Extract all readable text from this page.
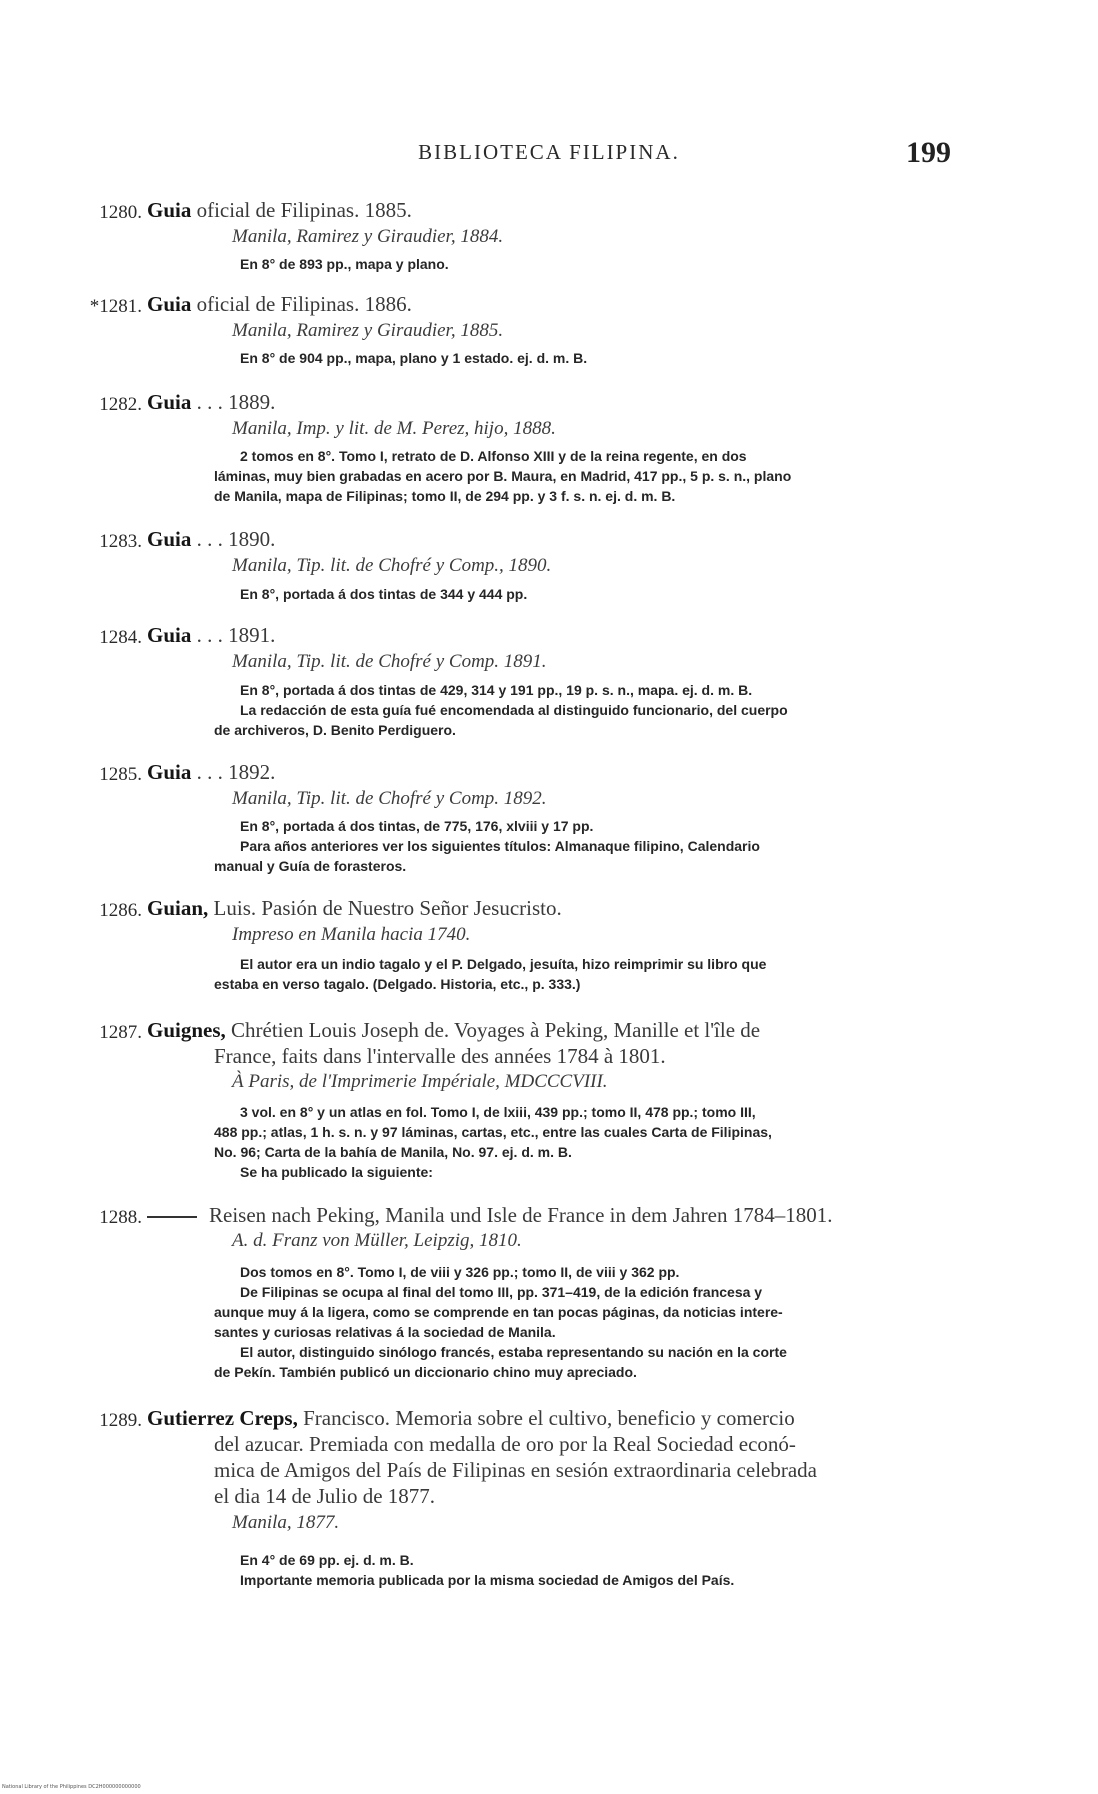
BIBLIOTECA FILIPINA.	199
1280. Guia oficial de Filipinas. 1885.
Manila, Ramirez y Giraudier, 1884.
En 8° de 893 pp., mapa y plano.
*1281. Guia oficial de Filipinas. 1886.
Manila, Ramirez y Giraudier, 1885.
En 8° de 904 pp., mapa, plano y 1 estado. ej. d. m. B.
1282. Guia . . . 1889.
Manila, Imp. y lit. de M. Perez, hijo, 1888.
2 tomos en 8°. Tomo I, retrato de D. Alfonso XIII y de la reina regente, en dos
láminas, muy bien grabadas en acero por B. Maura, en Madrid, 417 pp., 5 p. s. n., plano
de Manila, mapa de Filipinas; tomo II, de 294 pp. y 3 f. s. n. ej. d. m. B.
1283. Guia . . . 1890.
Manila, Tip. lit. de Chofré y Comp., 1890.
En 8°, portada á dos tintas de 344 y 444 pp.
1284. Guia . . . 1891.
Manila, Tip. lit. de Chofré y Comp. 1891.
En 8°, portada á dos tintas de 429, 314 y 191 pp., 19 p. s. n., mapa. ej. d. m. B.
La redacción de esta guía fué encomendada al distinguido funcionario, del cuerpo
de archiveros, D. Benito Perdiguero.
1285. Guia . . . 1892.
Manila, Tip. lit. de Chofré y Comp. 1892.
En 8°, portada á dos tintas, de 775, 176, xlviii y 17 pp.
Para años anteriores ver los siguientes títulos: Almanaque filipino, Calendario
manual y Guía de forasteros.
1286. Guian, Luis. Pasión de Nuestro Señor Jesucristo.
Impreso en Manila hacia 1740.
El autor era un indio tagalo y el P. Delgado, jesuíta, hizo reimprimir su libro que
estaba en verso tagalo. (Delgado. Historia, etc., p. 333.)
1287. Guignes, Chrétien Louis Joseph de. Voyages à Peking, Manille et l'île de
France, faits dans l'intervalle des années 1784 à 1801.
À Paris, de l'Imprimerie Impériale, MDCCCVIII.
3 vol. en 8° y un atlas en fol. Tomo I, de lxiii, 439 pp.; tomo II, 478 pp.; tomo III,
488 pp.; atlas, 1 h. s. n. y 97 láminas, cartas, etc., entre las cuales Carta de Filipinas,
No. 96; Carta de la bahía de Manila, No. 97. ej. d. m. B.
Se ha publicado la siguiente:
1288.	Reisen nach Peking, Manila und Isle de France in dem Jahren 1784–1801.
A. d. Franz von Müller, Leipzig, 1810.
Dos tomos en 8°. Tomo I, de viii y 326 pp.; tomo II, de viii y 362 pp.
De Filipinas se ocupa al final del tomo III, pp. 371–419, de la edición francesa y
aunque muy á la ligera, como se comprende en tan pocas páginas, da noticias intere-
santes y curiosas relativas á la sociedad de Manila.
El autor, distinguido sinólogo francés, estaba representando su nación en la corte
de Pekín. También publicó un diccionario chino muy apreciado.
1289. Gutierrez Creps, Francisco. Memoria sobre el cultivo, beneficio y comercio
del azucar. Premiada con medalla de oro por la Real Sociedad econó-
mica de Amigos del País de Filipinas en sesión extraordinaria celebrada
el dia 14 de Julio de 1877.
Manila, 1877.
En 4° de 69 pp. ej. d. m. B.
Importante memoria publicada por la misma sociedad de Amigos del País.
National Library of the Philippines DC2H000000000000
